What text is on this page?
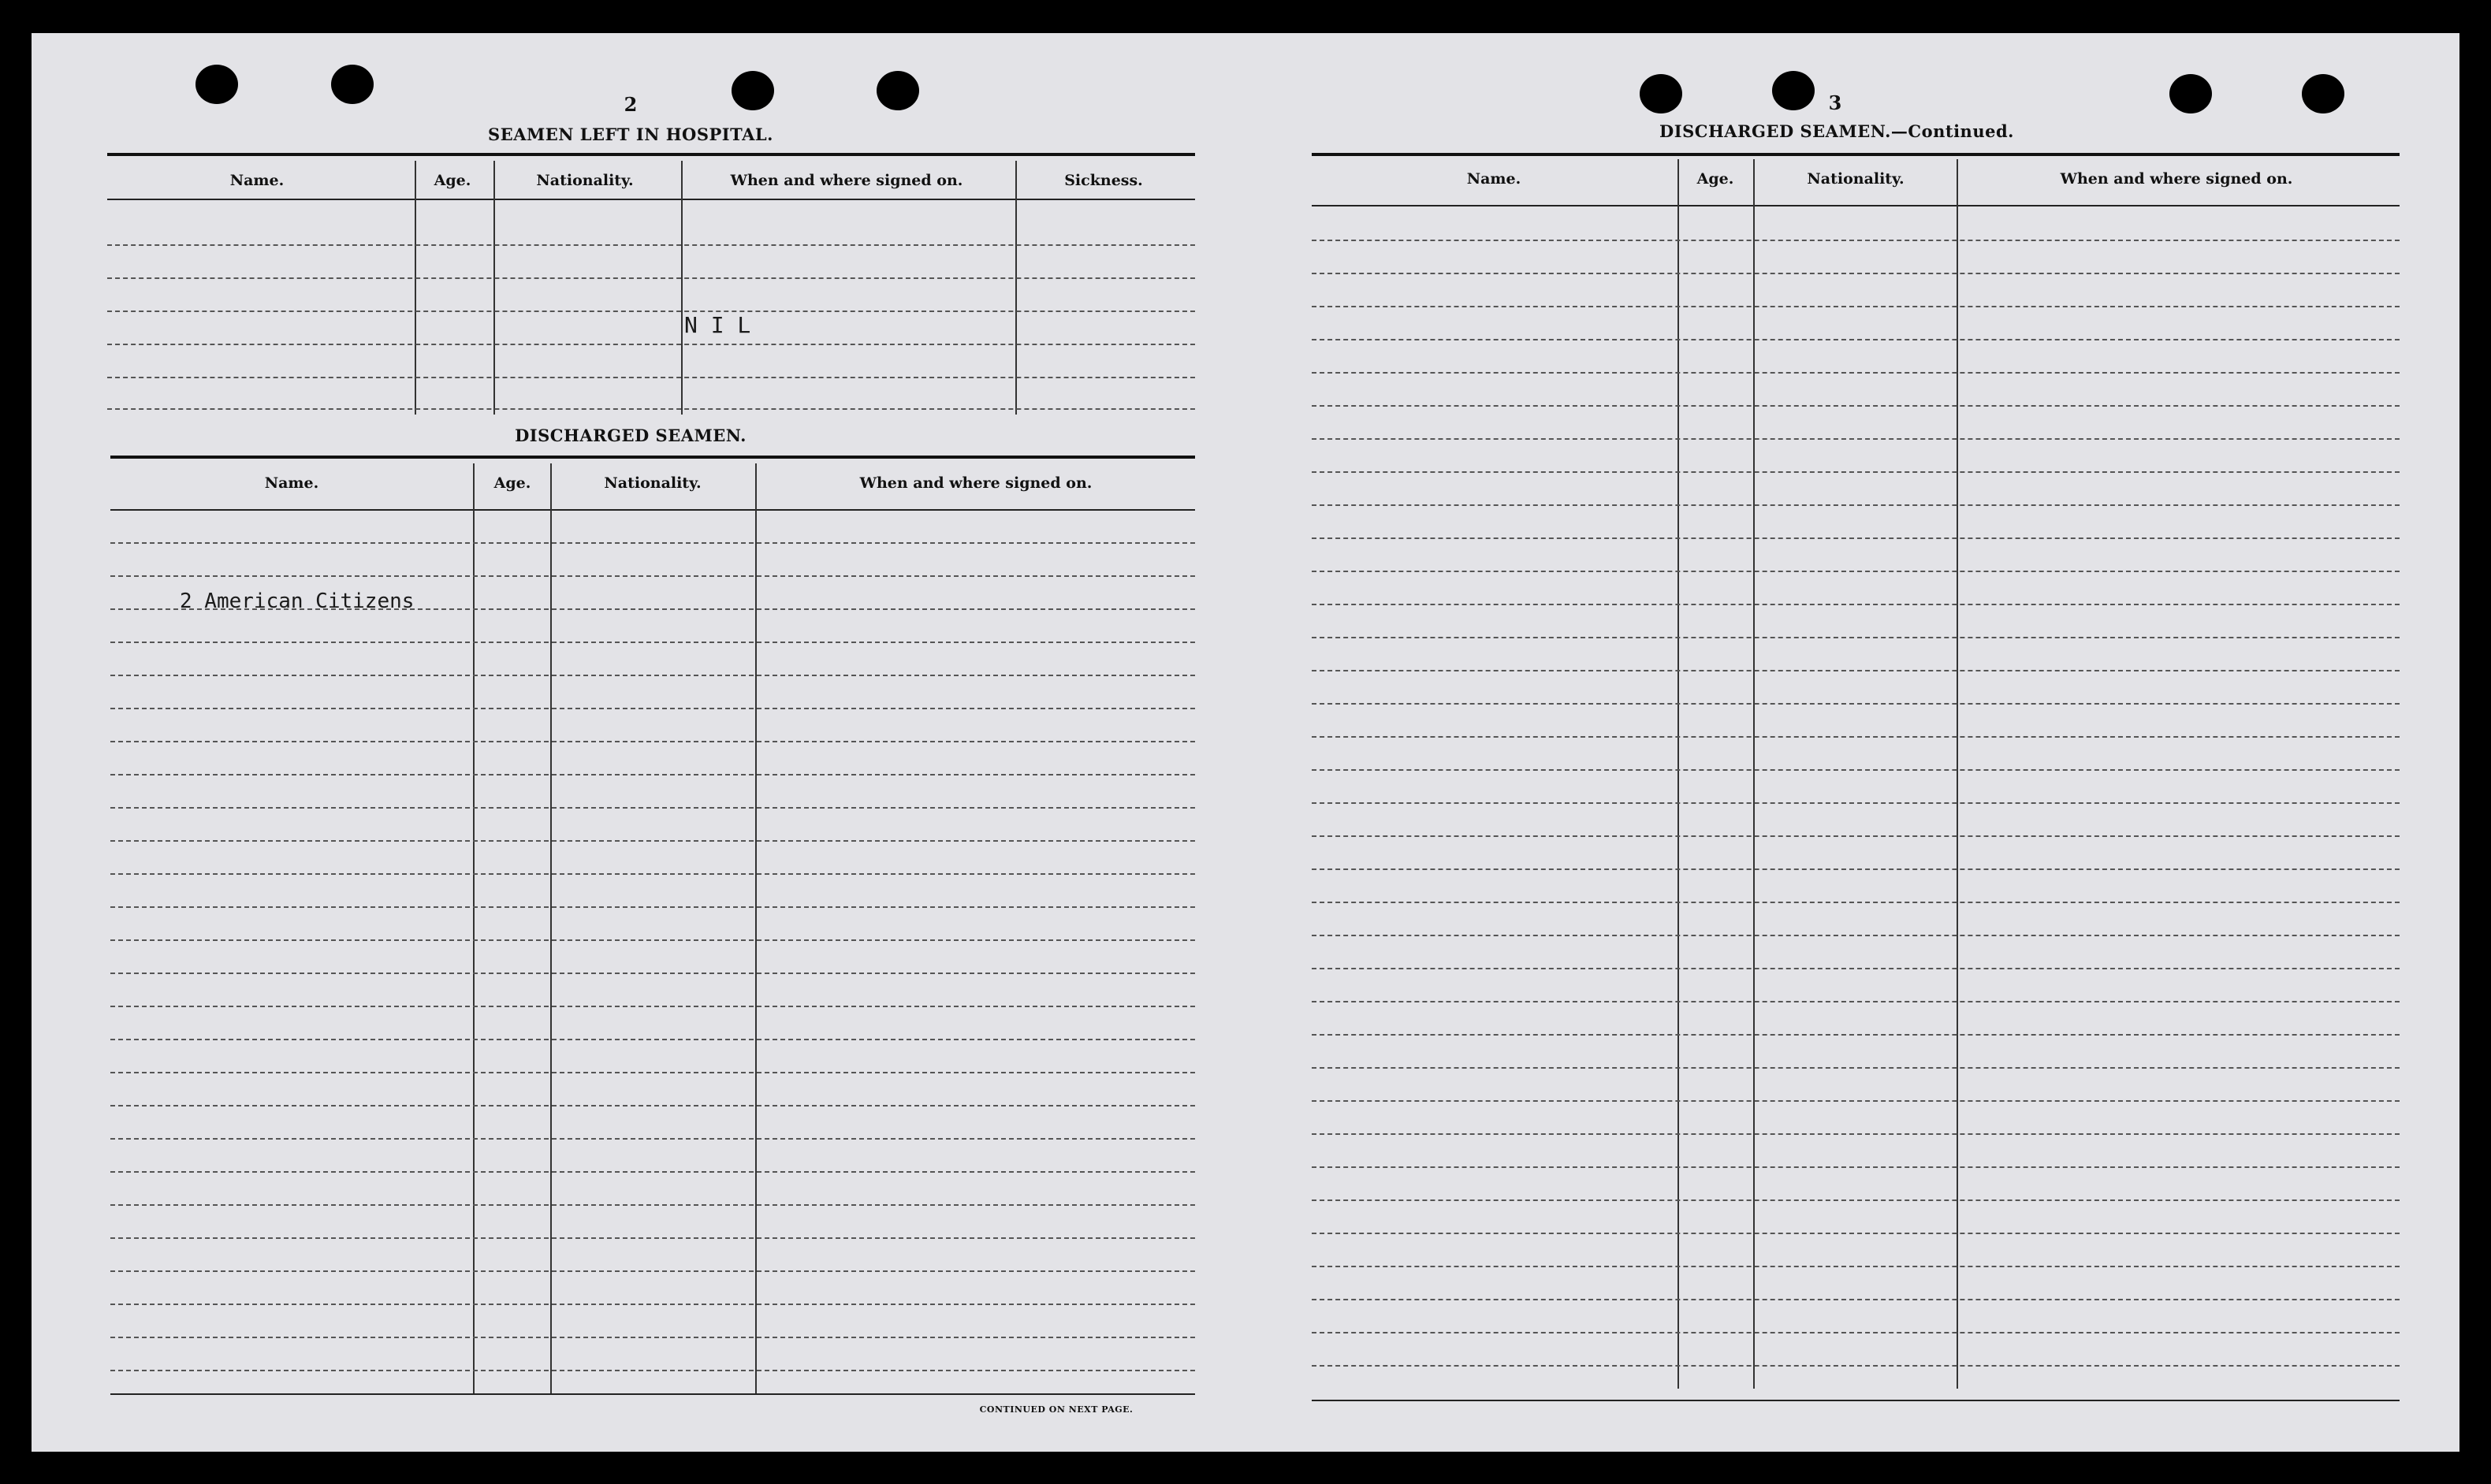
2
SEAMEN LEFT IN HOSPITAL.
Name.	Age.	Nationality.	When and where signed on.	Sickness.
N I L
DISCHARGED SEAMEN.
Name.	Age.	Nationality.	When and where signed on.
2 American Citizens
CONTINUED ON NEXT PAGE.
3
DISCHARGED SEAMEN.—Continued.
Name.	Age.	Nationality.	When and where signed on.
